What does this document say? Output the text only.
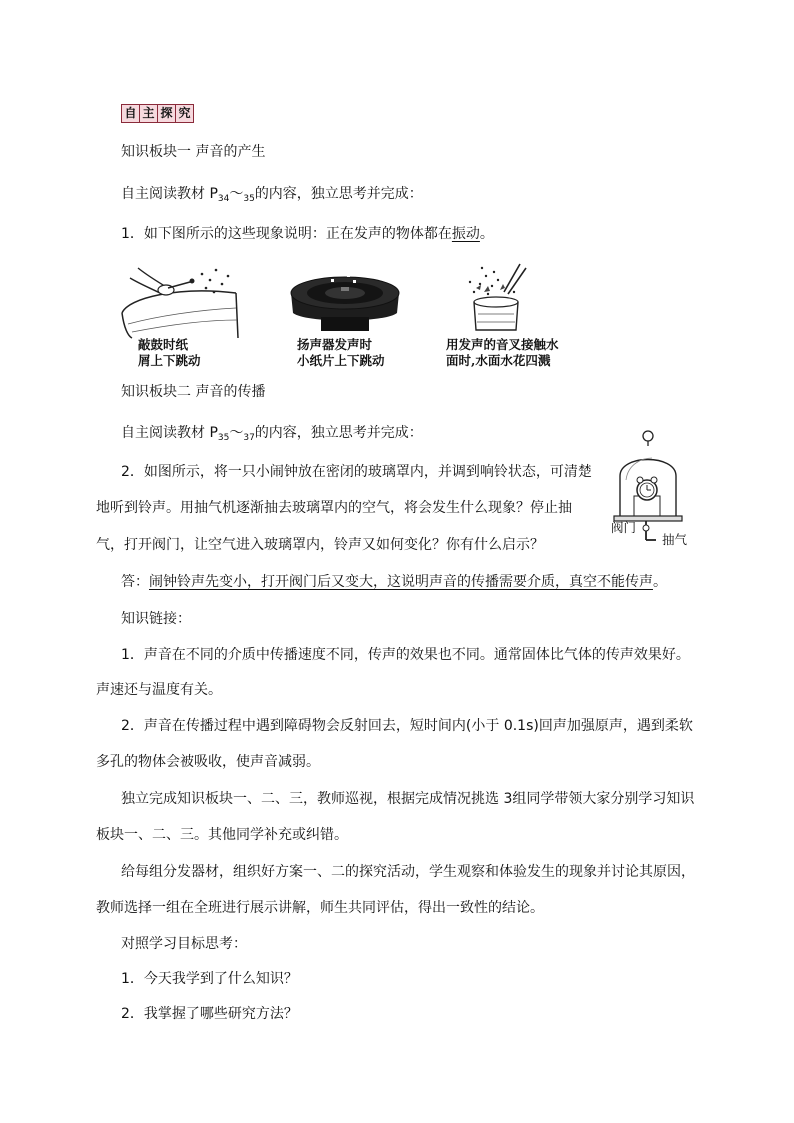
自 主 探 究
知识板块一 声音的产生
自主阅读教材 $P_{34}\sim_{35}$的内容，独立思考并完成：
1．如下图所示的这些现象说明：正在发声的物体都在振动。
敲鼓时纸
屑上下跳动
扬声器发声时
小纸片上下跳动
用发声的音叉接触水
面时,水面水花四溅
知识板块二 声音的传播
自主阅读教材 $P_{35}\sim_{37}$的内容，独立思考并完成：
阀门
抽气
2．如图所示，将一只小闹钟放在密闭的玻璃罩内，并调到响铃状态，可清楚
地听到铃声。用抽气机逐渐抽去玻璃罩内的空气，将会发生什么现象？停止抽
气，打开阀门，让空气进入玻璃罩内，铃声又如何变化？你有什么启示？
答：闹钟铃声先变小，打开阀门后又变大，这说明声音的传播需要介质，真空不能传声。
知识链接：
1．声音在不同的介质中传播速度不同，传声的效果也不同。通常固体比气体的传声效果好。
声速还与温度有关。
2．声音在传播过程中遇到障碍物会反射回去，短时间内(小于 0.1s)回声加强原声，遇到柔软
多孔的物体会被吸收，使声音减弱。
独立完成知识板块一、二、三，教师巡视，根据完成情况挑选 3组同学带领大家分别学习知识
板块一、二、三。其他同学补充或纠错。
给每组分发器材，组织好方案一、二的探究活动，学生观察和体验发生的现象并讨论其原因，
教师选择一组在全班进行展示讲解，师生共同评估，得出一致性的结论。
对照学习目标思考：
1．今天我学到了什么知识？
2．我掌握了哪些研究方法？
